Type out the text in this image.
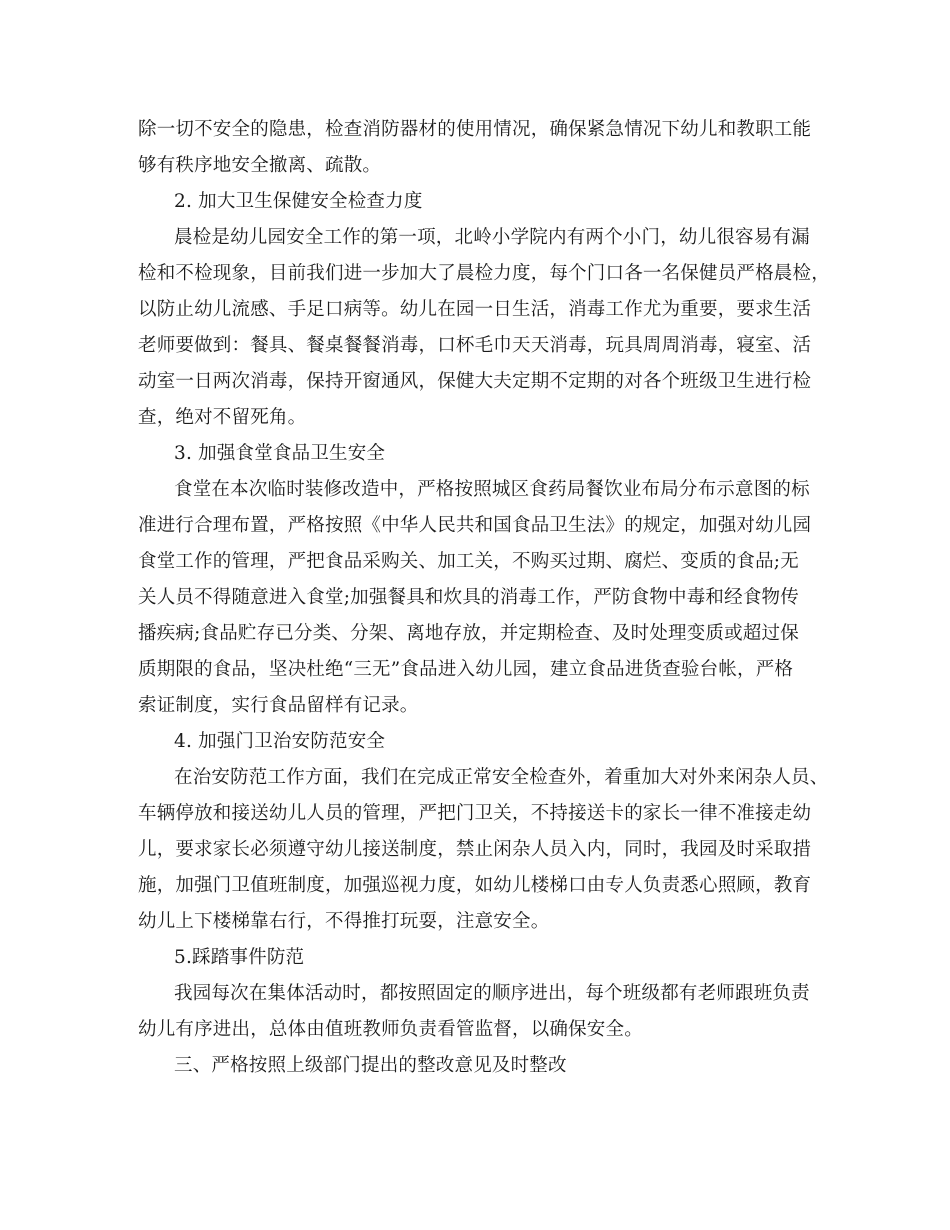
除一切不安全的隐患，检查消防器材的使用情况，确保紧急情况下幼儿和教职工能
够有秩序地安全撤离、疏散。
2. 加大卫生保健安全检查力度
晨检是幼儿园安全工作的第一项，北岭小学院内有两个小门，幼儿很容易有漏
检和不检现象，目前我们进一步加大了晨检力度，每个门口各一名保健员严格晨检，
以防止幼儿流感、手足口病等。幼儿在园一日生活，消毒工作尤为重要，要求生活
老师要做到：餐具、餐桌餐餐消毒，口杯毛巾天天消毒，玩具周周消毒，寝室、活
动室一日两次消毒，保持开窗通风，保健大夫定期不定期的对各个班级卫生进行检
查，绝对不留死角。
3. 加强食堂食品卫生安全
食堂在本次临时装修改造中，严格按照城区食药局餐饮业布局分布示意图的标
准进行合理布置，严格按照《中华人民共和国食品卫生法》的规定，加强对幼儿园
食堂工作的管理，严把食品采购关、加工关，不购买过期、腐烂、变质的食品;无
关人员不得随意进入食堂;加强餐具和炊具的消毒工作，严防食物中毒和经食物传
播疾病;食品贮存已分类、分架、离地存放，并定期检查、及时处理变质或超过保
质期限的食品，坚决杜绝“三无”食品进入幼儿园，建立食品进货查验台帐，严格
索证制度，实行食品留样有记录。
4. 加强门卫治安防范安全
在治安防范工作方面，我们在完成正常安全检查外，着重加大对外来闲杂人员、
车辆停放和接送幼儿人员的管理，严把门卫关，不持接送卡的家长一律不准接走幼
儿，要求家长必须遵守幼儿接送制度，禁止闲杂人员入内，同时，我园及时采取措
施，加强门卫值班制度，加强巡视力度，如幼儿楼梯口由专人负责悉心照顾，教育
幼儿上下楼梯靠右行，不得推打玩耍，注意安全。
5.踩踏事件防范
我园每次在集体活动时，都按照固定的顺序进出，每个班级都有老师跟班负责
幼儿有序进出，总体由值班教师负责看管监督，以确保安全。
三、严格按照上级部门提出的整改意见及时整改
